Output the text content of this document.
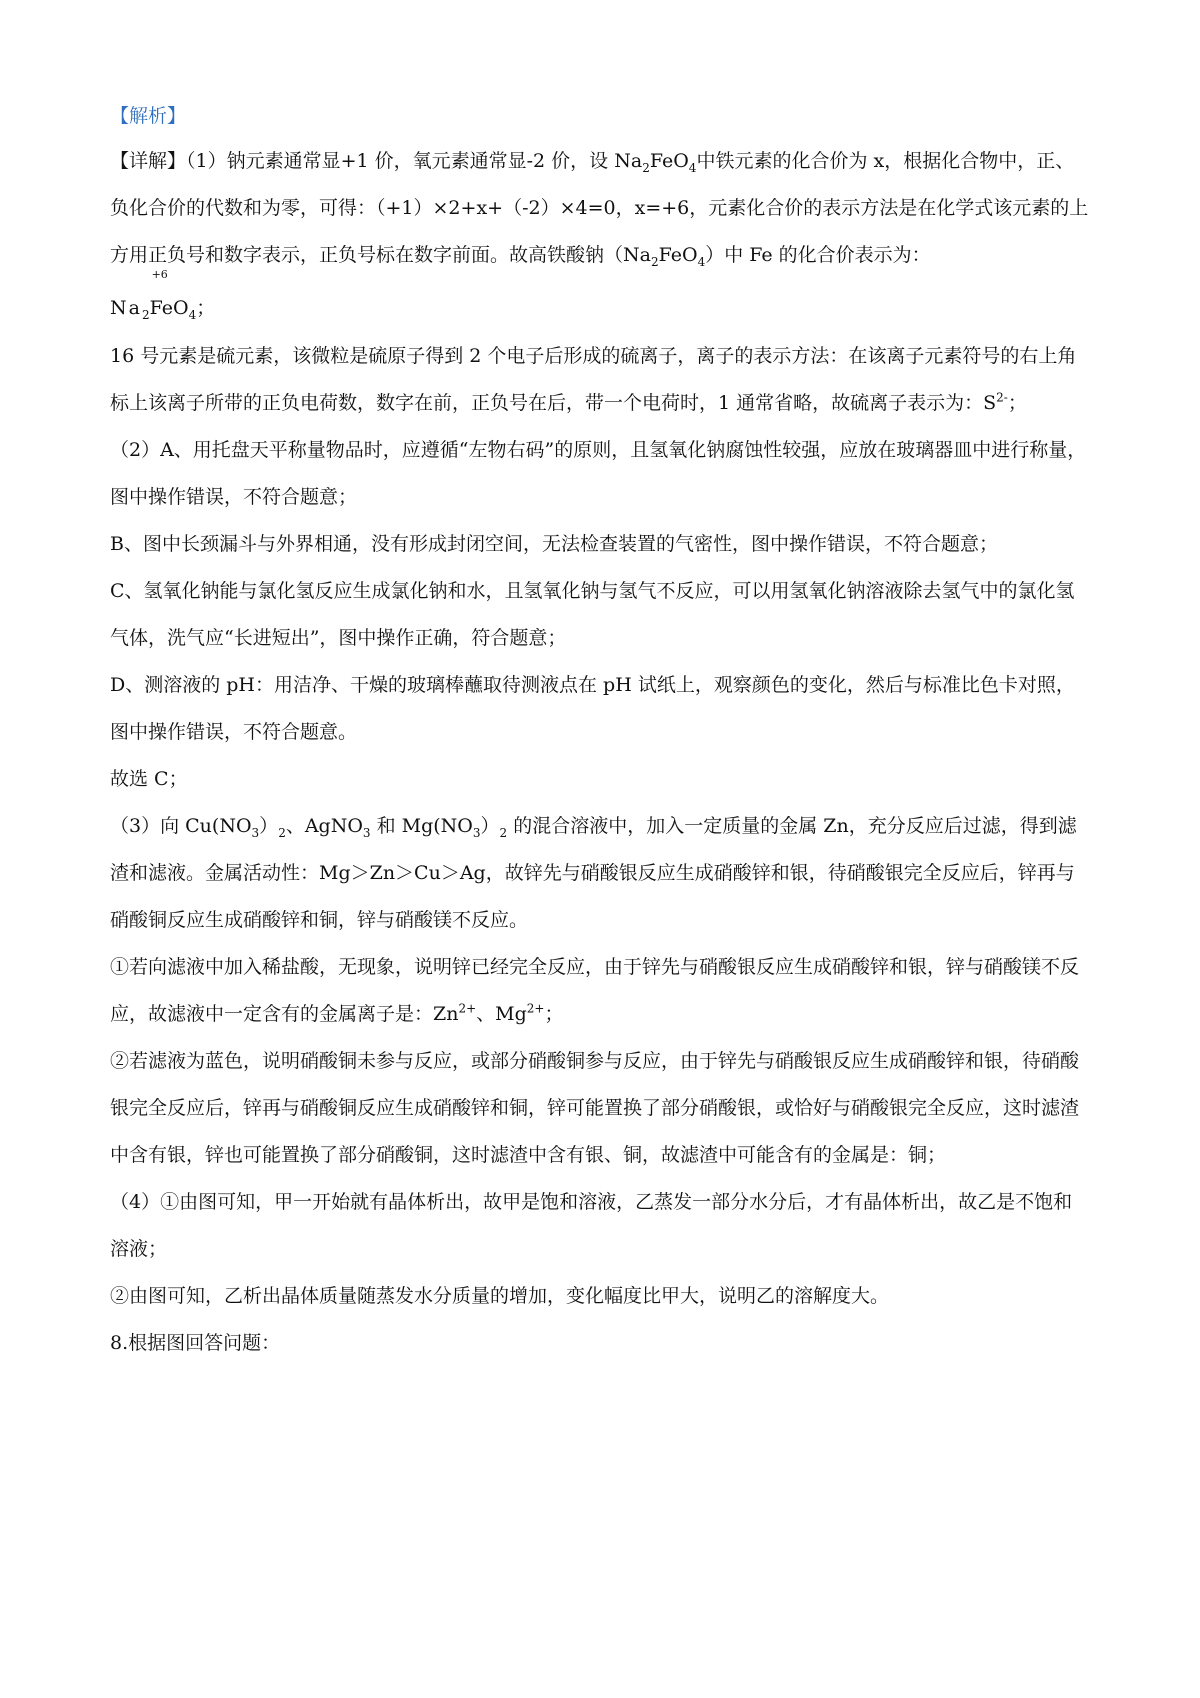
【解析】

【详解】（1）钠元素通常显+1 价，氧元素通常显-2 价，设 $Na_2FeO_4$中铁元素的化合价为 x，根据化合物中，正、负化合价的代数和为零，可得：（+1）×2+x+（-2）×4=0，x=+6，元素化合价的表示方法是在化学式该元素的上方用正负号和数字表示，正负号标在数字前面。故高铁酸钠$(Na_2FeO_4)$中 Fe 的化合价表示为：

$Na_2$
+6
FeO$_4$；

16 号元素是硫元素，该微粒是硫原子得到 2 个电子后形成的硫离子，离子的表示方法：在该离子元素符号的右上角标上该离子所带的正负电荷数，数字在前，正负号在后，带一个电荷时，1 通常省略，故硫离子表示为：$S^{2-}$；

（2）A、用托盘天平称量物品时，应遵循“左物右码”的原则，且氢氧化钠腐蚀性较强，应放在玻璃器皿中进行称量，图中操作错误，不符合题意；

B、图中长颈漏斗与外界相通，没有形成封闭空间，无法检查装置的气密性，图中操作错误，不符合题意；

C、氢氧化钠能与氯化氢反应生成氯化钠和水，且氢氧化钠与氢气不反应，可以用氢氧化钠溶液除去氢气中的氯化氢气体，洗气应“长进短出”，图中操作正确，符合题意；

D、测溶液的 pH：用洁净、干燥的玻璃棒蘸取待测液点在 pH 试纸上，观察颜色的变化，然后与标准比色卡对照，图中操作错误，不符合题意。

故选 C；

（3）向 $Cu(NO_3)_2$、AgNO$_3$ 和 $Mg(NO_3)_2$ 的混合溶液中，加入一定质量的金属 Zn，充分反应后过滤，得到滤渣和滤液。金属活动性：Mg＞Zn＞Cu＞Ag，故锌先与硝酸银反应生成硝酸锌和银，待硝酸银完全反应后，锌再与硝酸铜反应生成硝酸锌和铜，锌与硝酸镁不反应。

①若向滤液中加入稀盐酸，无现象，说明锌已经完全反应，由于锌先与硝酸银反应生成硝酸锌和银，锌与硝酸镁不反应，故滤液中一定含有的金属离子是：$Zn^{2+}$、$Mg^{2+}$；

②若滤液为蓝色，说明硝酸铜未参与反应，或部分硝酸铜参与反应，由于锌先与硝酸银反应生成硝酸锌和银，待硝酸银完全反应后，锌再与硝酸铜反应生成硝酸锌和铜，锌可能置换了部分硝酸银，或恰好与硝酸银完全反应，这时滤渣中含有银，锌也可能置换了部分硝酸铜，这时滤渣中含有银、铜，故滤渣中可能含有的金属是：铜；

（4）①由图可知，甲一开始就有晶体析出，故甲是饱和溶液，乙蒸发一部分水分后，才有晶体析出，故乙是不饱和溶液；

②由图可知，乙析出晶体质量随蒸发水分质量的增加，变化幅度比甲大，说明乙的溶解度大。

8.根据图回答问题：
